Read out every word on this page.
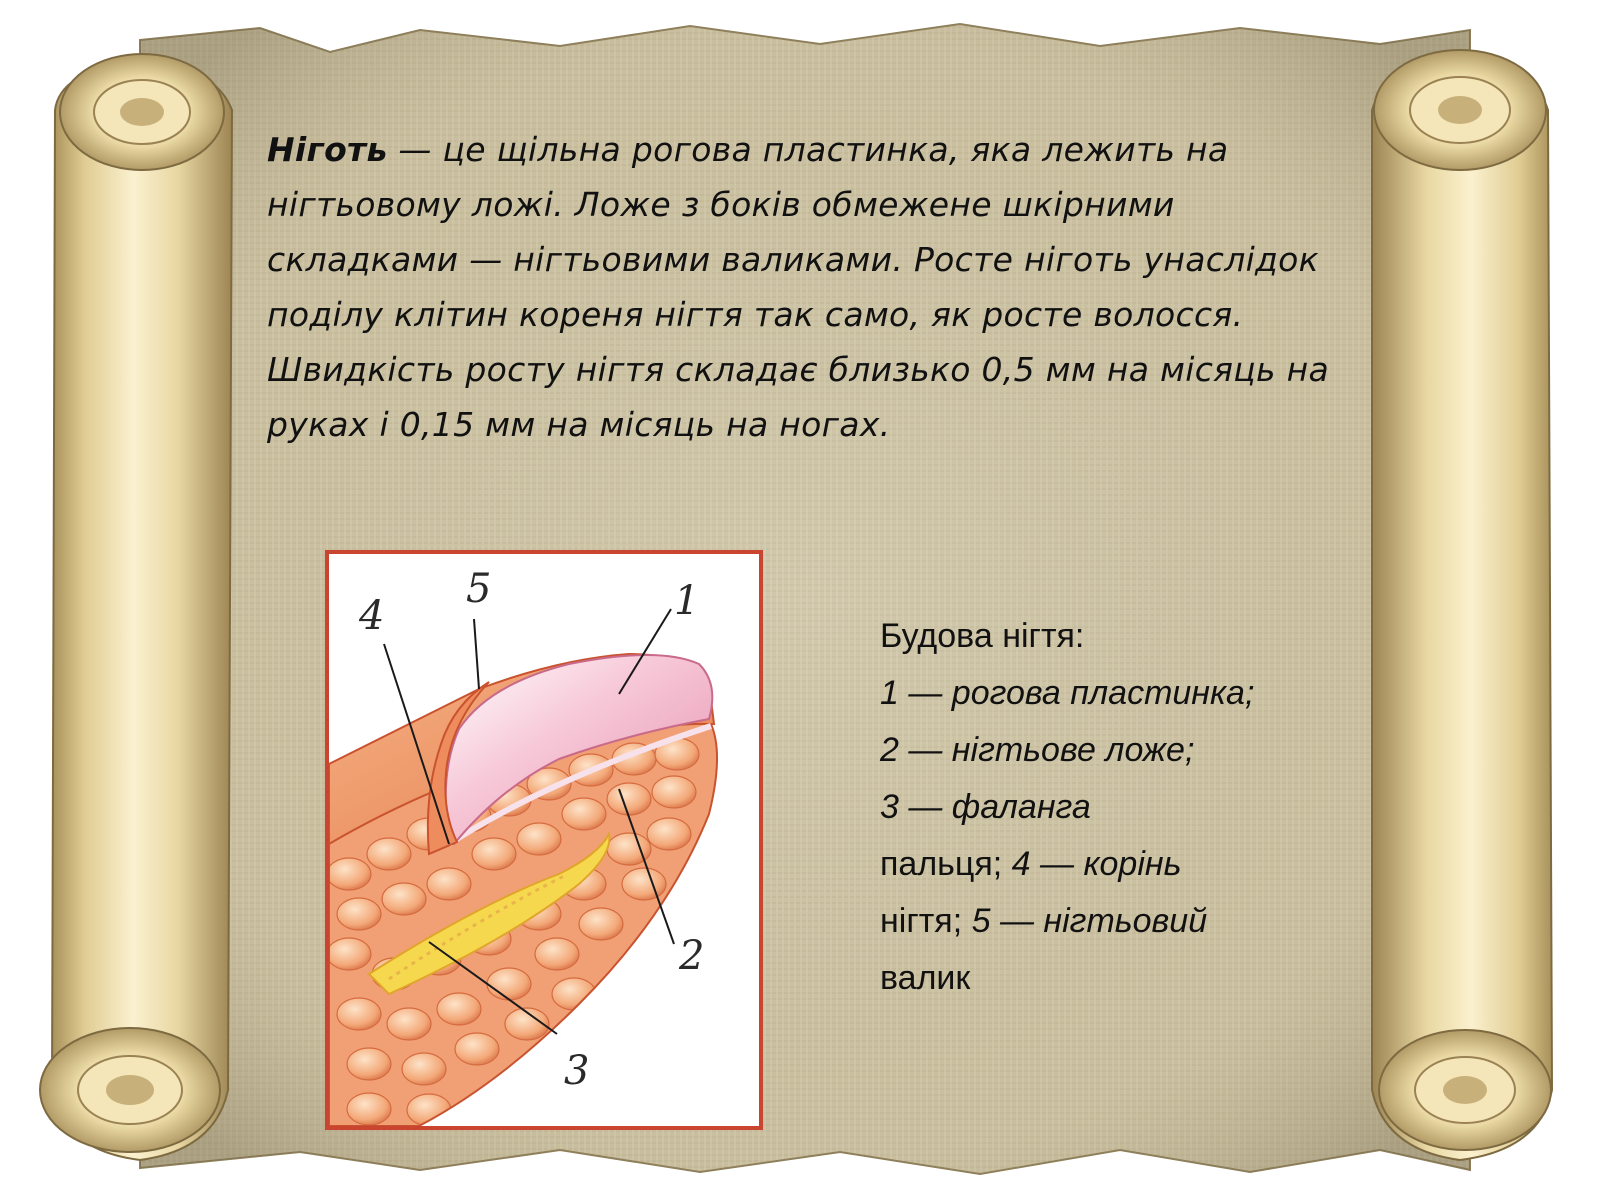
Ніготь — це щільна рогова пластинка, яка лежить на нігтьовому ложі. Ложе з боків обмежене шкірними складками — нігтьовими валиками. Росте ніготь унаслідок поділу клітин кореня нігтя так само, як росте волосся. Швидкість росту нігтя складає близько 0,5 мм на місяць на руках і 0,15 мм на місяць на ногах.
1
2
3
4
5
Будова нігтя:
1 — рогова пластинка;
2 — нігтьове ложе;
3 — фаланга
пальця; 4 — корінь
нігтя; 5 — нігтьовий
валик
